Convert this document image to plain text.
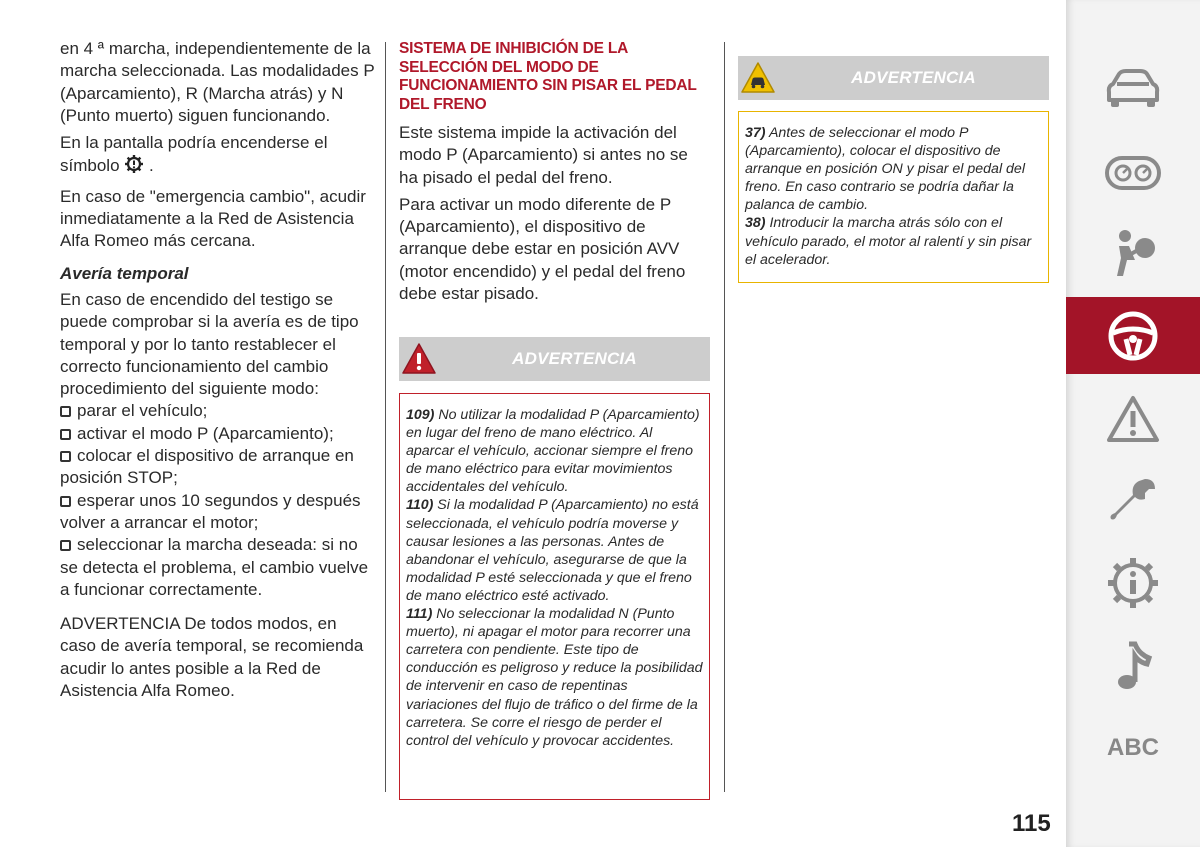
en 4 ª marcha, independientemente de la marcha seleccionada. Las modalidades P (Aparcamiento), R (Marcha atrás) y N (Punto muerto) siguen funcionando.

En la pantalla podría encenderse el símbolo .

En caso de "emergencia cambio", acudir inmediatamente a la Red de Asistencia Alfa Romeo más cercana.

Avería temporal

En caso de encendido del testigo se puede comprobar si la avería es de tipo temporal y por lo tanto restablecer el correcto funcionamiento del cambio procedimiento del siguiente modo:

parar el vehículo;
activar el modo P (Aparcamiento);
colocar el dispositivo de arranque en posición STOP;
esperar unos 10 segundos y después volver a arrancar el motor;
seleccionar la marcha deseada: si no se detecta el problema, el cambio vuelve a funcionar correctamente.

ADVERTENCIA De todos modos, en caso de avería temporal, se recomienda acudir lo antes posible a la Red de Asistencia Alfa Romeo.

SISTEMA DE INHIBICIÓN DE LA SELECCIÓN DEL MODO DE FUNCIONAMIENTO SIN PISAR EL PEDAL DEL FRENO

Este sistema impide la activación del modo P (Aparcamiento) si antes no se ha pisado el pedal del freno.

Para activar un modo diferente de P (Aparcamiento), el dispositivo de arranque debe estar en posición AVV (motor encendido) y el pedal del freno debe estar pisado.

ADVERTENCIA

109) No utilizar la modalidad P (Aparcamiento) en lugar del freno de mano eléctrico. Al aparcar el vehículo, accionar siempre el freno de mano eléctrico para evitar movimientos accidentales del vehículo.

110) Si la modalidad P (Aparcamiento) no está seleccionada, el vehículo podría moverse y causar lesiones a las personas. Antes de abandonar el vehículo, asegurarse de que la modalidad P esté seleccionada y que el freno de mano eléctrico esté activado.

111) No seleccionar la modalidad N (Punto muerto), ni apagar el motor para recorrer una carretera con pendiente. Este tipo de conducción es peligroso y reduce la posibilidad de intervenir en caso de repentinas variaciones del flujo de tráfico o del firme de la carretera. Se corre el riesgo de perder el control del vehículo y provocar accidentes.

ADVERTENCIA

37) Antes de seleccionar el modo P (Aparcamiento), colocar el dispositivo de arranque en posición ON y pisar el pedal del freno. En caso contrario se podría dañar la palanca de cambio.

38) Introducir la marcha atrás sólo con el vehículo parado, el motor al ralentí y sin pisar el acelerador.

ABC
115
